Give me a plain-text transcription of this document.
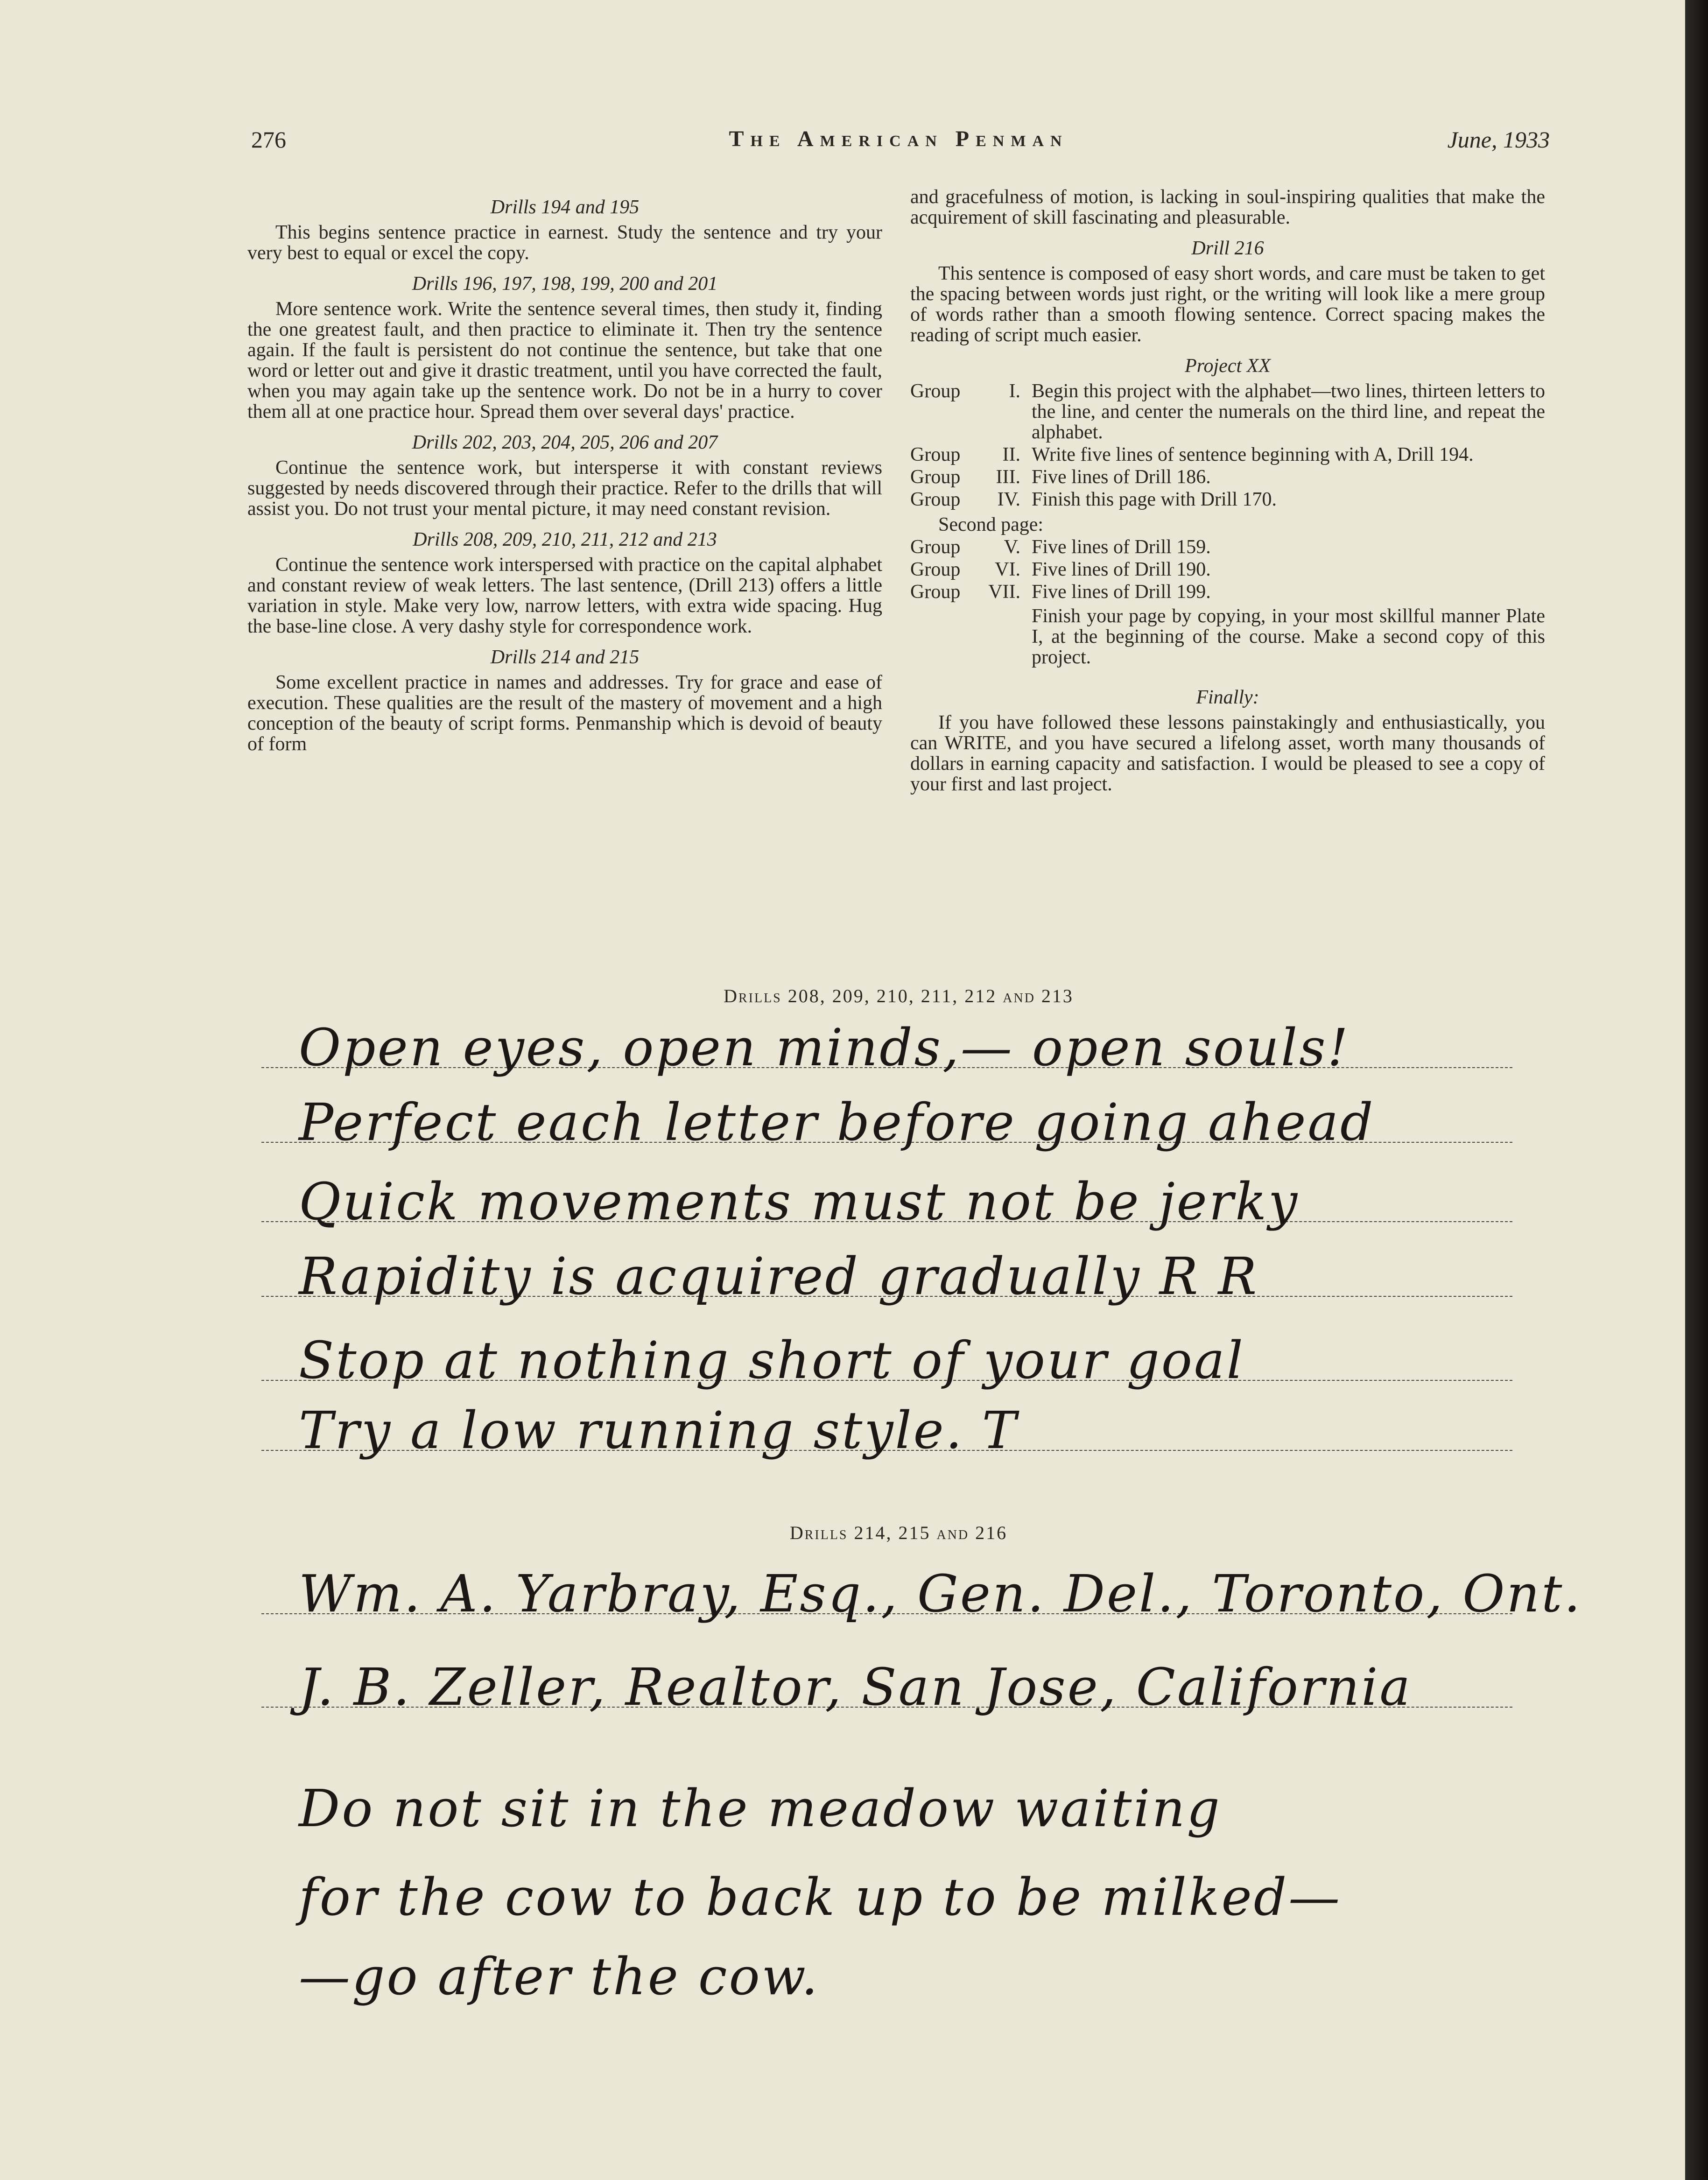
276	The American Penman	June, 1933
Drills 194 and 195

This begins sentence practice in earnest. Study the sentence and try your very best to equal or excel the copy.

Drills 196, 197, 198, 199, 200 and 201

More sentence work. Write the sentence several times, then study it, finding the one greatest fault, and then practice to eliminate it. Then try the sentence again. If the fault is persistent do not continue the sentence, but take that one word or letter out and give it drastic treatment, until you have corrected the fault, when you may again take up the sentence work. Do not be in a hurry to cover them all at one practice hour. Spread them over several days' practice.

Drills 202, 203, 204, 205, 206 and 207

Continue the sentence work, but intersperse it with constant reviews suggested by needs discovered through their practice. Refer to the drills that will assist you. Do not trust your mental picture, it may need constant revision.

Drills 208, 209, 210, 211, 212 and 213

Continue the sentence work interspersed with practice on the capital alphabet and constant review of weak letters. The last sentence, (Drill 213) offers a little variation in style. Make very low, narrow letters, with extra wide spacing. Hug the base-line close. A very dashy style for correspondence work.

Drills 214 and 215

Some excellent practice in names and addresses. Try for grace and ease of execution. These qualities are the result of the mastery of movement and a high conception of the beauty of script forms. Penmanship which is devoid of beauty of form

and gracefulness of motion, is lacking in soul-inspiring qualities that make the acquirement of skill fascinating and pleasurable.

Drill 216

This sentence is composed of easy short words, and care must be taken to get the spacing between words just right, or the writing will look like a mere group of words rather than a smooth flowing sentence. Correct spacing makes the reading of script much easier.

Project XX
Group	I. Begin this project with the alphabet—two lines, thirteen letters to the line, and center the numerals on the third line, and repeat the alphabet.
Group	II. Write five lines of sentence beginning with A, Drill 194.
Group	III. Five lines of Drill 186.
Group	IV. Finish this page with Drill 170.
Second page:
Group	V. Five lines of Drill 159.
Group	VI. Five lines of Drill 190.
Group	VII. Five lines of Drill 199.

Finish your page by copying, in your most skillful manner Plate I, at the beginning of the course. Make a second copy of this project.

Finally:

If you have followed these lessons painstakingly and enthusiastically, you can WRITE, and you have secured a lifelong asset, worth many thousands of dollars in earning capacity and satisfaction. I would be pleased to see a copy of your first and last project.

Drills 208, 209, 210, 211, 212 and 213
Open eyes, open minds,— open souls!
Perfect each letter before going ahead
Quick movements must not be jerky
Rapidity is acquired gradually R R
Stop at nothing short of your goal
Try a low running style. T
Drills 214, 215 and 216
Wm. A. Yarbray, Esq., Gen. Del., Toronto, Ont.
J. B. Zeller, Realtor, San Jose, California
Do not sit in the meadow waiting
for the cow to back up to be milked—
—go after the cow.
